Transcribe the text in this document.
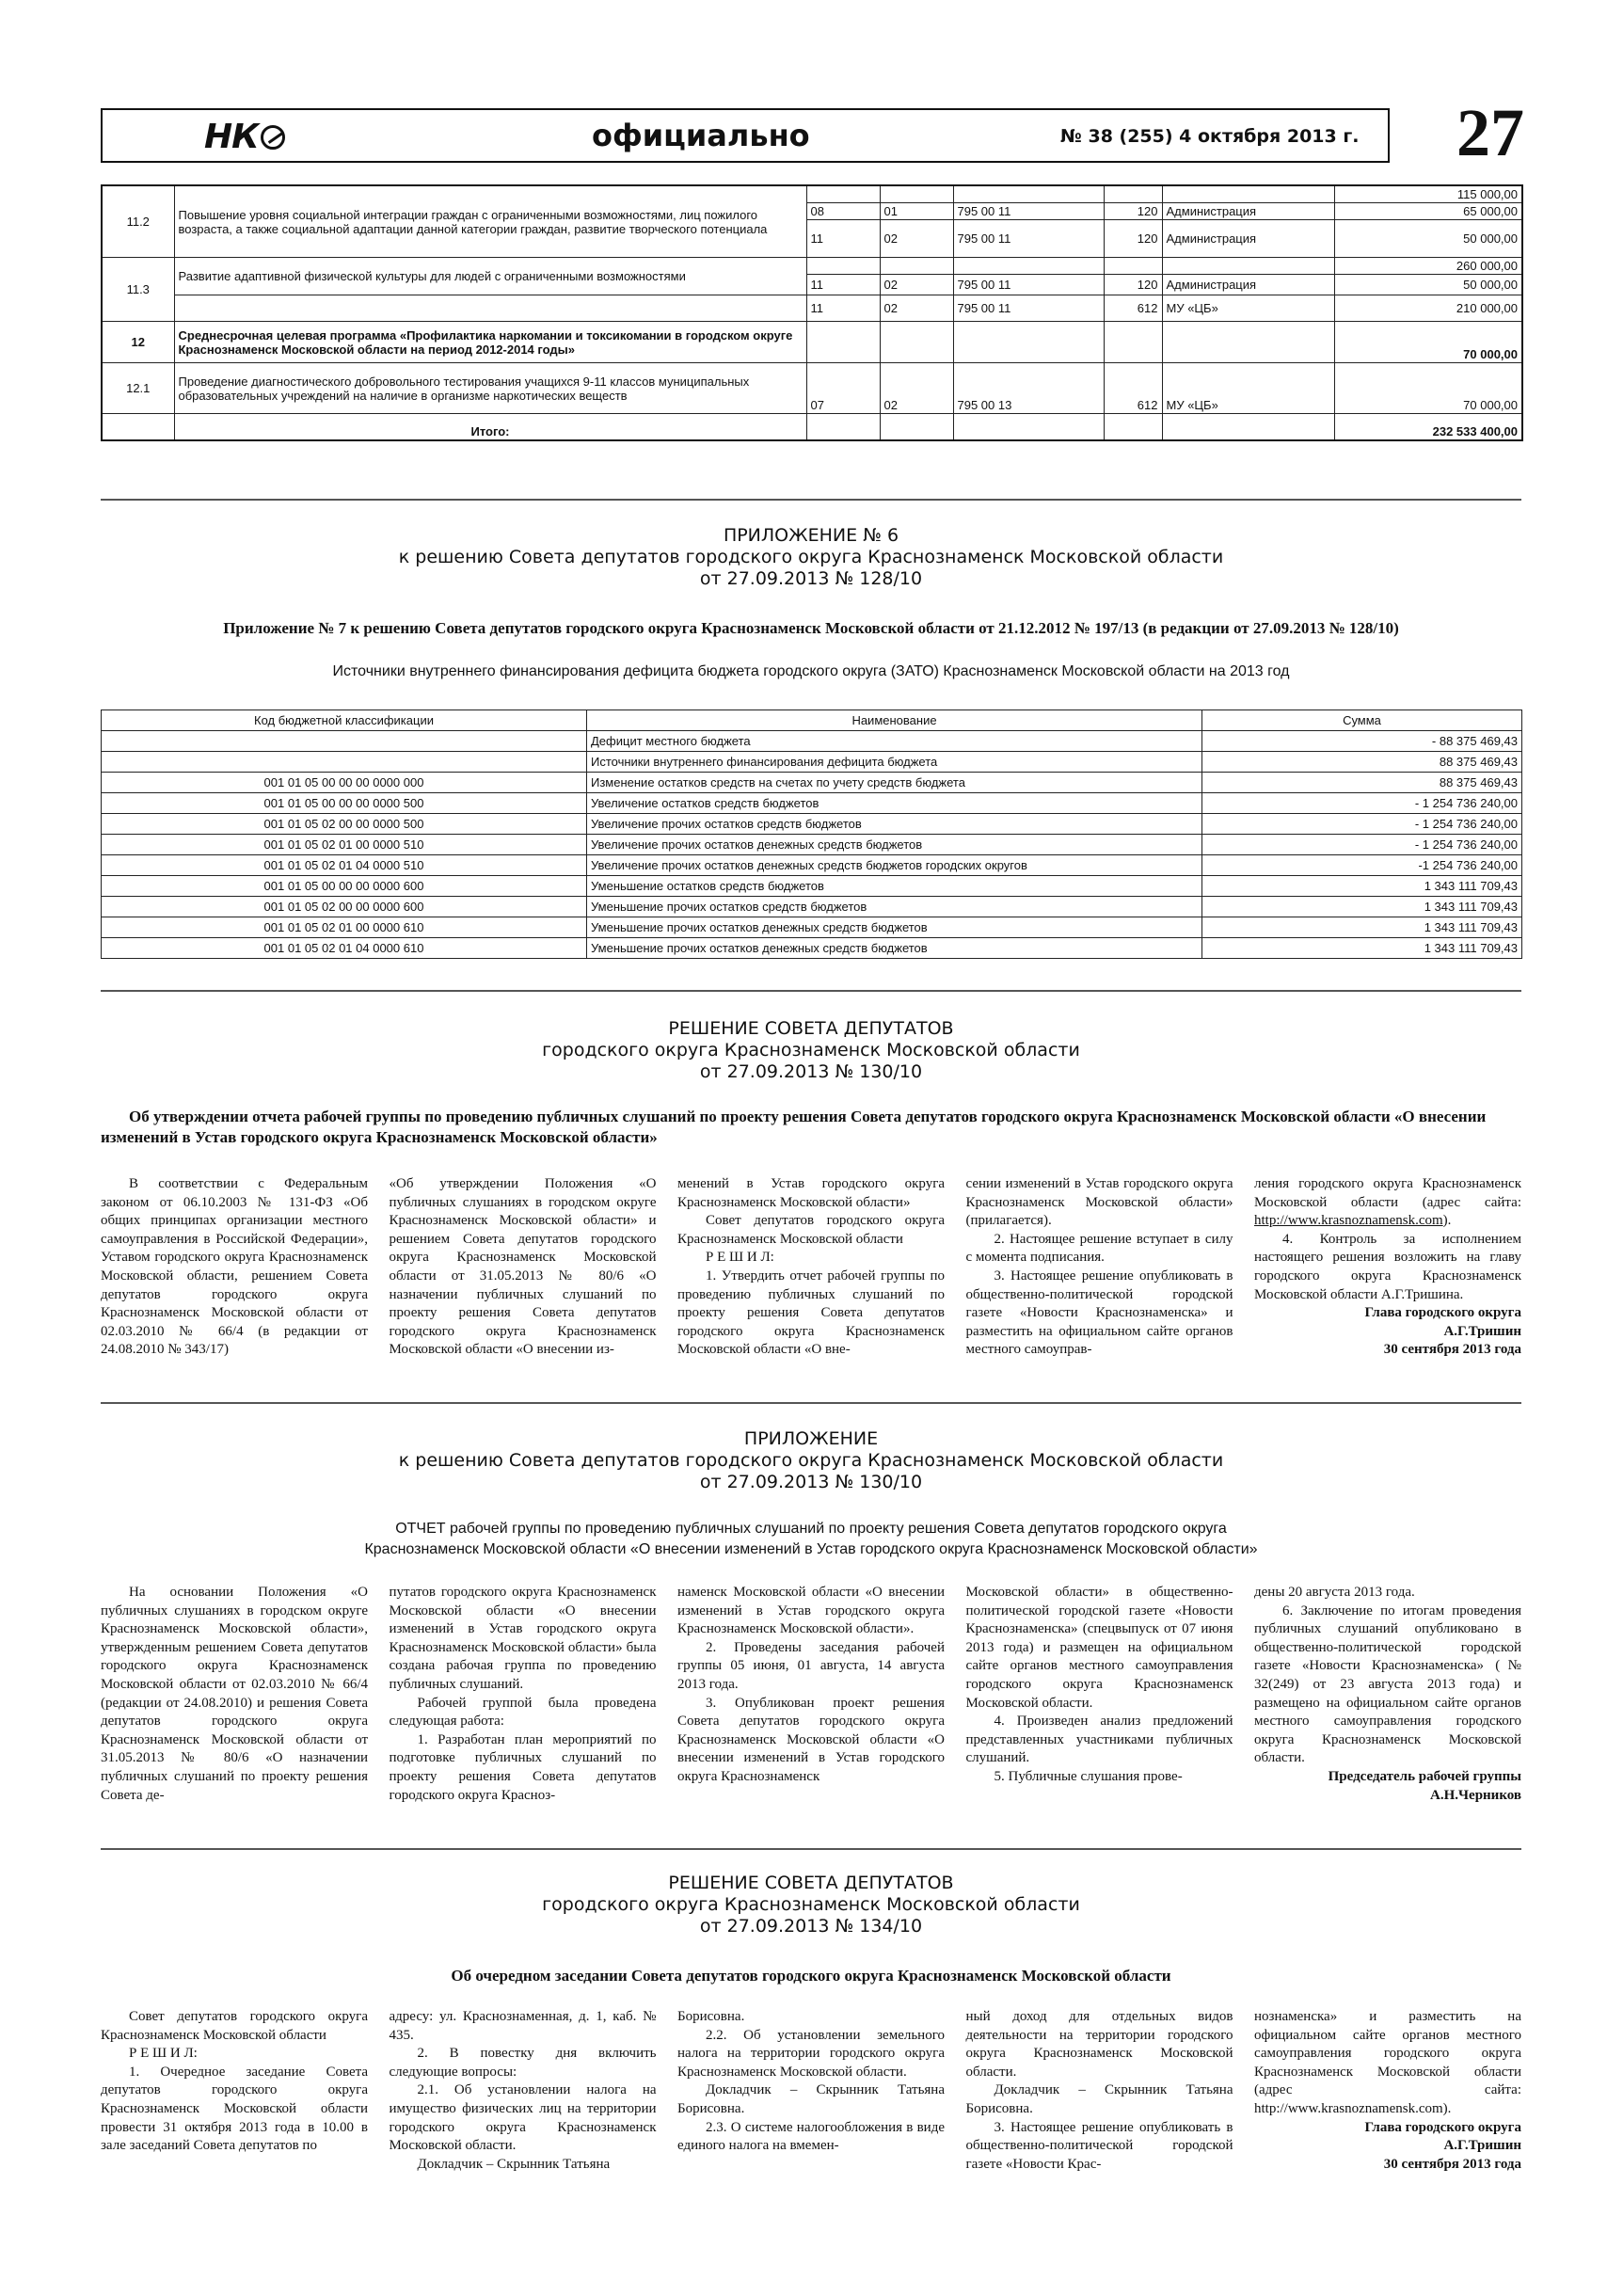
НК	официально	№ 38 (255) 4 октября 2013 г. 27
11.2	Повышение уровня социальной интеграции граждан с ограниченными возможностями, лиц пожилого возраста, а также социальной адаптации данной категории граждан, развитие творческого потенциала						115 000,00
		08	01	795 00 11	120	Администрация	65 000,00
		11	02	795 00 11	120	Администрация	50 000,00
11.3	Развитие адаптивной физической культуры для людей с ограниченными возможностями						260 000,00
		11	02	795 00 11	120	Администрация	50 000,00
		11	02	795 00 11	612	МУ «ЦБ»	210 000,00
12	Среднесрочная целевая программа «Профилактика наркомании и токсикомании в городском округе Краснознаменск Московской области на период 2012-2014 годы»						70 000,00
12.1	Проведение диагностического добровольного тестирования учащихся 9-11 классов муниципальных образовательных учреждений на наличие в организме наркотических веществ	07	02	795 00 13	612	МУ «ЦБ»	70 000,00
	Итого:						232 533 400,00
ПРИЛОЖЕНИЕ № 6
к решению Совета депутатов городского округа Краснознаменск Московской области
от 27.09.2013 № 128/10
Приложение № 7 к решению Совета депутатов городского округа Краснознаменск Московской области от 21.12.2012 № 197/13 (в редакции от 27.09.2013 № 128/10)
Источники внутреннего финансирования дефицита бюджета городского округа (ЗАТО) Краснознаменск Московской области на 2013 год
Код бюджетной классификации	Наименование	Сумма
	Дефицит местного бюджета	- 88 375 469,43
	Источники внутреннего финансирования дефицита бюджета	88 375 469,43
001 01 05 00 00 00 0000 000	Изменение остатков средств на счетах по учету средств бюджета	88 375 469,43
001 01 05 00 00 00 0000 500	Увеличение остатков средств бюджетов	- 1 254 736 240,00
001 01 05 02 00 00 0000 500	Увеличение прочих остатков средств бюджетов	- 1 254 736 240,00
001 01 05 02 01 00 0000 510	Увеличение прочих остатков денежных средств бюджетов	- 1 254 736 240,00
001 01 05 02 01 04 0000 510	Увеличение прочих остатков денежных средств бюджетов городских округов	-1 254 736 240,00
001 01 05 00 00 00 0000 600	Уменьшение остатков средств бюджетов	1 343 111 709,43
001 01 05 02 00 00 0000 600	Уменьшение прочих остатков средств бюджетов	1 343 111 709,43
001 01 05 02 01 00 0000 610	Уменьшение прочих остатков денежных средств бюджетов	1 343 111 709,43
001 01 05 02 01 04 0000 610	Уменьшение прочих остатков денежных средств бюджетов	1 343 111 709,43
РЕШЕНИЕ СОВЕТА ДЕПУТАТОВ
городского округа Краснознаменск Московской области
от 27.09.2013 № 130/10
Об утверждении отчета рабочей группы по проведению публичных слушаний по проекту решения Совета депутатов городского округа Краснознаменск Московской области «О внесении изменений в Устав городского округа Краснознаменск Московской области»

В соответствии с Федеральным законом от 06.10.2003 № 131-ФЗ «Об общих принципах организации местного самоуправления в Российской Федерации», Уставом городского округа Краснознаменск Московской области, решением Совета депутатов городского округа Краснознаменск Московской области от 02.03.2010 № 66/4 (в редакции от 24.08.2010 № 343/17)

«Об утверждении Положения «О публичных слушаниях в городском округе Краснознаменск Московской области» и решением Совета депутатов городского округа Краснознаменск Московской области от 31.05.2013 № 80/6 «О назначении публичных слушаний по проекту решения Совета депутатов городского округа Краснознаменск Московской области «О внесении из-

менений в Устав городского округа Краснознаменск Московской области»

Совет депутатов городского округа Краснознаменск Московской области

Р Е Ш И Л:

1. Утвердить отчет рабочей группы по проведению публичных слушаний по проекту решения Совета депутатов городского округа Краснознаменск Московской области «О вне-

сении изменений в Устав городского округа Краснознаменск Московской области» (прилагается).

2. Настоящее решение вступает в силу с момента подписания.

3. Настоящее решение опубликовать в общественно-политической городской газете «Новости Краснознаменска» и разместить на официальном сайте органов местного самоуправ-

ления городского округа Краснознаменск Московской области (адрес сайта: http://www.krasnoznamensk.com).

4. Контроль за исполнением настоящего решения возложить на главу городского округа Краснознаменск Московской области А.Г.Тришина.

Глава городского округа

А.Г.Тришин

30 сентября 2013 года

ПРИЛОЖЕНИЕ
к решению Совета депутатов городского округа Краснознаменск Московской области
от 27.09.2013 № 130/10
ОТЧЕТ рабочей группы по проведению публичных слушаний по проекту решения Совета депутатов городского округа
Краснознаменск Московской области «О внесении изменений в Устав городского округа Краснознаменск Московской области»

На основании Положения «О публичных слушаниях в городском округе Краснознаменск Московской области», утвержденным решением Совета депутатов городского округа Краснознаменск Московской области от 02.03.2010 № 66/4 (редакции от 24.08.2010) и решения Совета депутатов городского округа Краснознаменск Московской области от 31.05.2013 № 80/6 «О назначении публичных слушаний по проекту решения Совета де-

путатов городского округа Краснознаменск Московской области «О внесении изменений в Устав городского округа Краснознаменск Московской области» была создана рабочая группа по проведению публичных слушаний.

Рабочей группой была проведена следующая работа:

1. Разработан план мероприятий по подготовке публичных слушаний по проекту решения Совета депутатов городского округа Краснoз-

наменск Московской области «О внесении изменений в Устав городского округа Краснознаменск Московской области».

2. Проведены заседания рабочей группы 05 июня, 01 августа, 14 августа 2013 года.

3. Опубликован проект решения Совета депутатов городского округа Краснознаменск Московской области «О внесении изменений в Устав городского округа Краснознаменск

Московской области» в общественно-политической городской газете «Новости Краснознаменска» (спецвыпуск от 07 июня 2013 года) и размещен на официальном сайте органов местного самоуправления городского округа Краснознаменск Московской области.

4. Произведен анализ предложений представленных участниками публичных слушаний.

5. Публичные слушания прове-

дены 20 августа 2013 года.

6. Заключение по итогам проведения публичных слушаний опубликовано в общественно-политической городской газете «Новости Краснознаменска» (№ 32(249) от 23 августа 2013 года) и размещено на официальном сайте органов местного самоуправления городского округа Краснознаменск Московской области.

Председатель рабочей группы

А.Н.Черников

РЕШЕНИЕ СОВЕТА ДЕПУТАТОВ
городского округа Краснознаменск Московской области
от 27.09.2013 № 134/10
Об очередном заседании Совета депутатов городского округа Краснознаменск Московской области

Совет депутатов городского округа Краснознаменск Московской области

Р Е Ш И Л:

1. Очередное заседание Совета депутатов городского округа Краснознаменск Московской области провести 31 октября 2013 года в 10.00 в зале заседаний Совета депутатов по

адресу: ул. Краснознаменная, д. 1, каб. № 435.

2. В повестку дня включить следующие вопросы:

2.1. Об установлении налога на имущество физических лиц на территории городского округа Краснознаменск Московской области.

Докладчик – Скрынник Татьяна

Борисовна.

2.2. Об установлении земельного налога на территории городского округа Краснознаменск Московской области.

Докладчик – Скрынник Татьяна Борисовна.

2.3. О системе налогообложения в виде единого налога на вмемен-

ный доход для отдельных видов деятельности на территории городского округа Краснознаменск Московской области.

Докладчик – Скрынник Татьяна Борисовна.

3. Настоящее решение опубликовать в общественно-политической городской газете «Новости Крас-

нознаменска» и разместить на официальном сайте органов местного самоуправления городского округа Краснознаменск Московской области (адрес сайта: http://www.krasnoznamensk.com).

Глава городского округа

А.Г.Тришин

30 сентября 2013 года
